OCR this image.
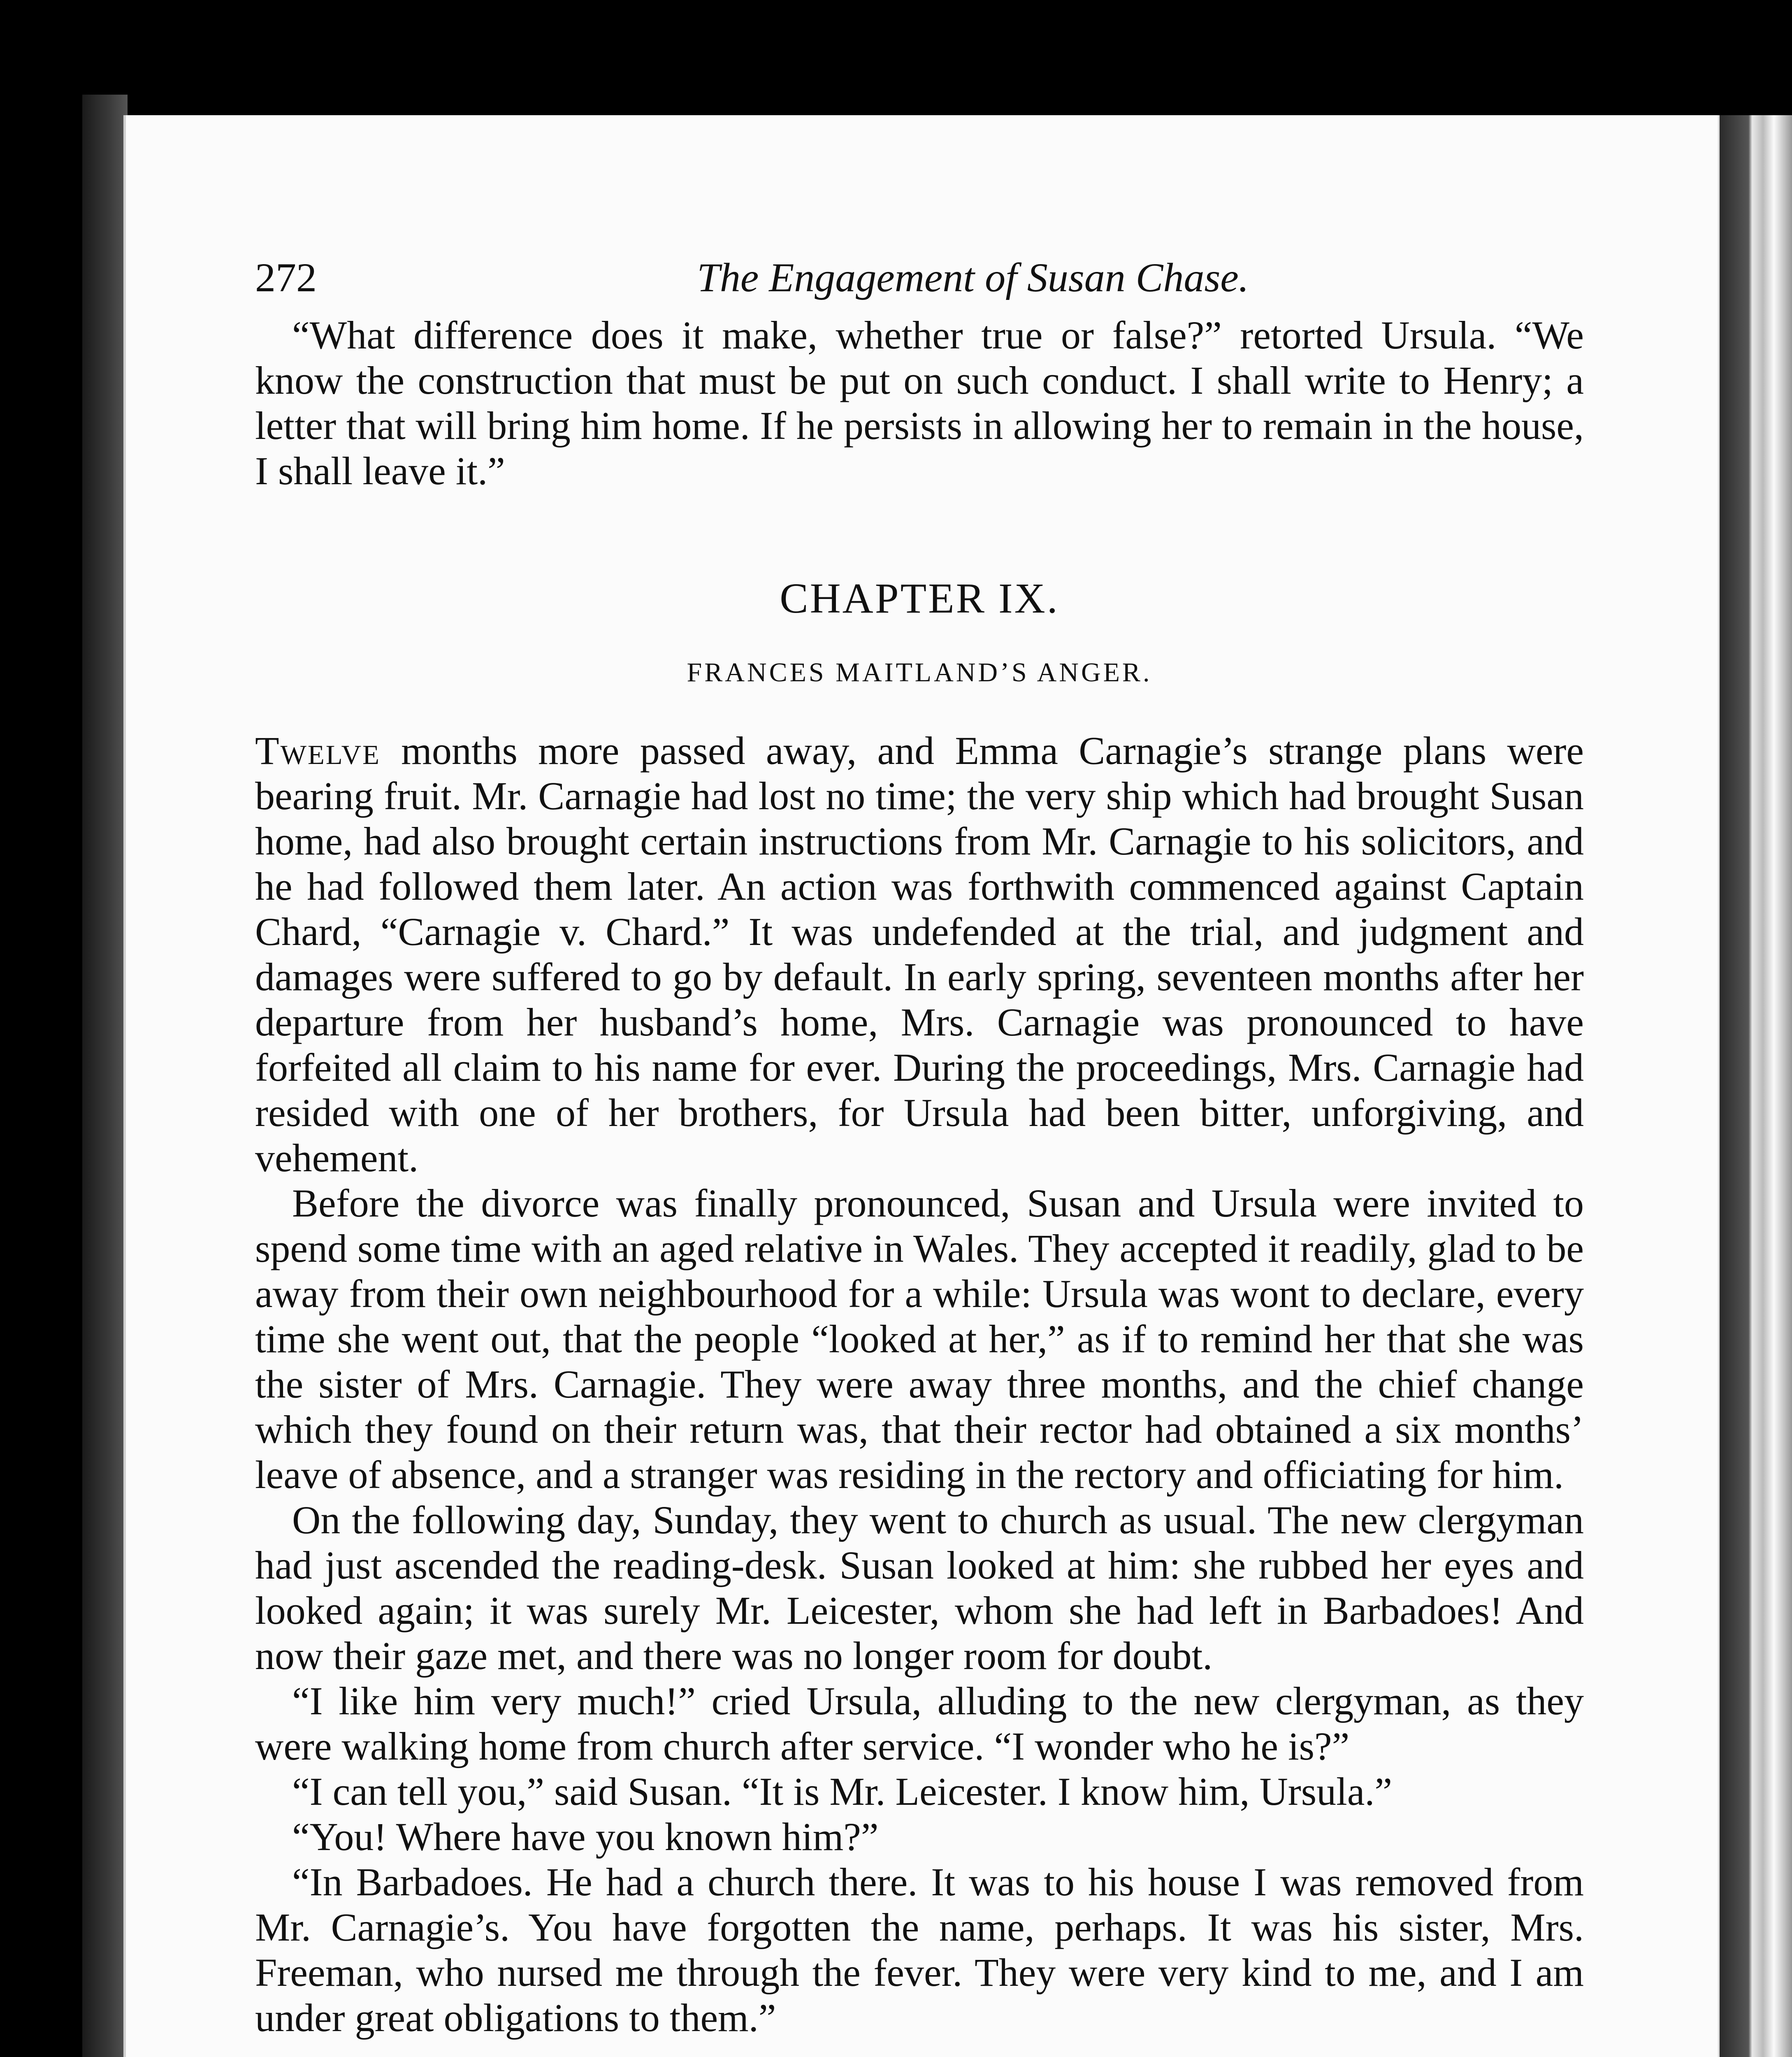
272	The Engagement of Susan Chase.

“What difference does it make, whether true or false?” retorted Ursula. “We know the construction that must be put on such conduct. I shall write to Henry; a letter that will bring him home. If he persists in allowing her to remain in the house, I shall leave it.”

CHAPTER IX.
FRANCES MAITLAND’S ANGER.

Twelve months more passed away, and Emma Carnagie’s strange plans were bearing fruit. Mr. Carnagie had lost no time; the very ship which had brought Susan home, had also brought certain instructions from Mr. Carnagie to his solicitors, and he had followed them later. An action was forthwith commenced against Captain Chard, “Carnagie v. Chard.” It was undefended at the trial, and judgment and damages were suffered to go by default. In early spring, seventeen months after her departure from her husband’s home, Mrs. Carnagie was pronounced to have forfeited all claim to his name for ever. During the proceedings, Mrs. Carnagie had resided with one of her brothers, for Ursula had been bitter, unforgiving, and vehement.

Before the divorce was finally pronounced, Susan and Ursula were invited to spend some time with an aged relative in Wales. They accepted it readily, glad to be away from their own neighbourhood for a while: Ursula was wont to declare, every time she went out, that the people “looked at her,” as if to remind her that she was the sister of Mrs. Carnagie. They were away three months, and the chief change which they found on their return was, that their rector had obtained a six months’ leave of absence, and a stranger was residing in the rectory and officiating for him.

On the following day, Sunday, they went to church as usual. The new clergyman had just ascended the reading-desk. Susan looked at him: she rubbed her eyes and looked again; it was surely Mr. Leicester, whom she had left in Barbadoes! And now their gaze met, and there was no longer room for doubt.

“I like him very much!” cried Ursula, alluding to the new clergyman, as they were walking home from church after service. “I wonder who he is?”

“I can tell you,” said Susan. “It is Mr. Leicester. I know him, Ursula.”

“You! Where have you known him?”

“In Barbadoes. He had a church there. It was to his house I was removed from Mr. Carnagie’s. You have forgotten the name, perhaps. It was his sister, Mrs. Freeman, who nursed me through the fever. They were very kind to me, and I am under great obligations to them.”
